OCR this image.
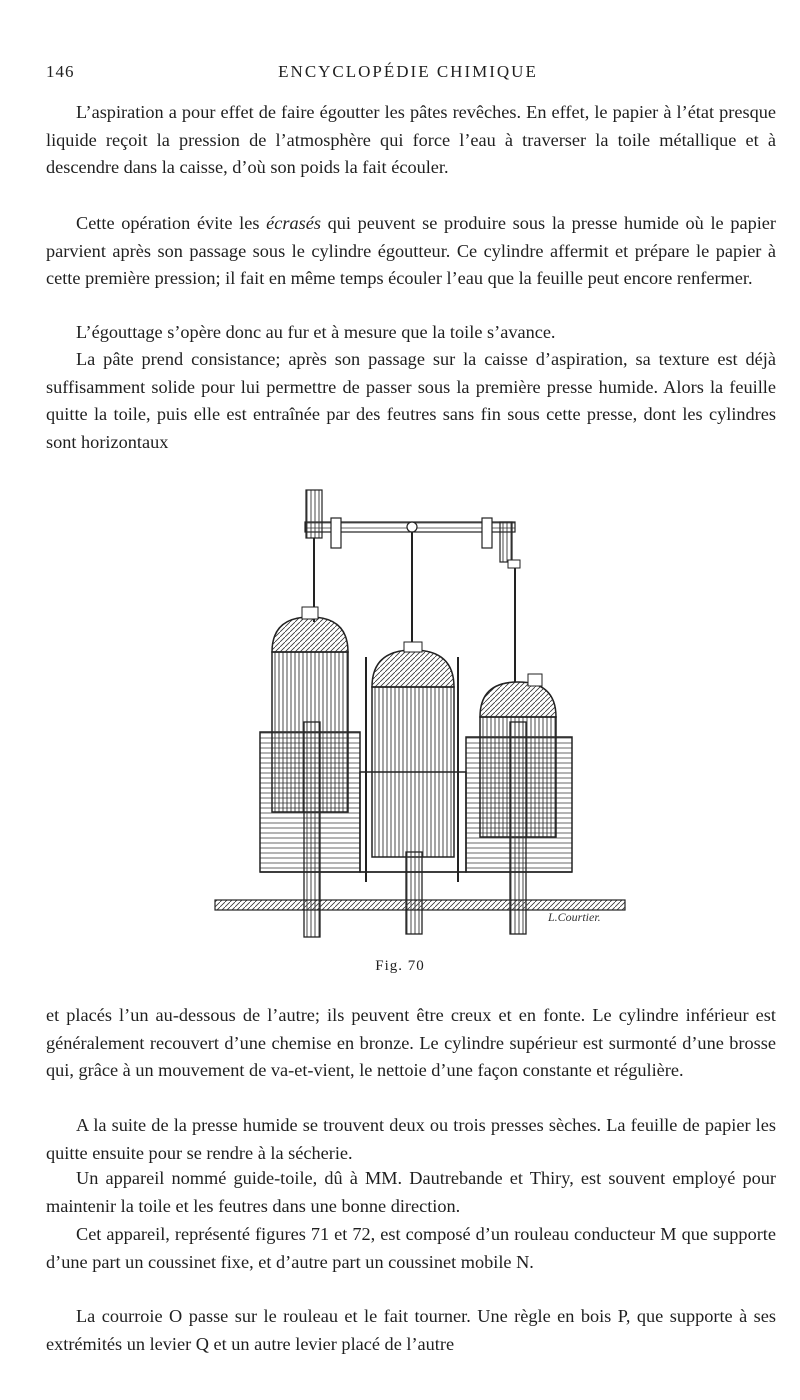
146	ENCYCLOPÉDIE CHIMIQUE

L’aspiration a pour effet de faire égoutter les pâtes revêches. En effet, le papier à l’état presque liquide reçoit la pression de l’atmosphère qui force l’eau à traverser la toile métallique et à descendre dans la caisse, d’où son poids la fait écouler.

Cette opération évite les écrasés qui peuvent se produire sous la presse humide où le papier parvient après son passage sous le cylindre égoutteur. Ce cylindre affermit et prépare le papier à cette première pression; il fait en même temps écouler l’eau que la feuille peut encore renfermer.

L’égouttage s’opère donc au fur et à mesure que la toile s’avance.

La pâte prend consistance; après son passage sur la caisse d’aspiration, sa texture est déjà suffisamment solide pour lui permettre de passer sous la première presse humide. Alors la feuille quitte la toile, puis elle est entraînée par des feutres sans fin sous cette presse, dont les cylindres sont horizontaux

L.Courtier.
Fig. 70

et placés l’un au-dessous de l’autre; ils peuvent être creux et en fonte. Le cylindre inférieur est généralement recouvert d’une chemise en bronze. Le cylindre supérieur est surmonté d’une brosse qui, grâce à un mouvement de va-et-vient, le nettoie d’une façon constante et régulière.

A la suite de la presse humide se trouvent deux ou trois presses sèches. La feuille de papier les quitte ensuite pour se rendre à la sécherie.

Un appareil nommé guide-toile, dû à MM. Dautrebande et Thiry, est souvent employé pour maintenir la toile et les feutres dans une bonne direction.

Cet appareil, représenté figures 71 et 72, est composé d’un rouleau conducteur M que supporte d’une part un coussinet fixe, et d’autre part un coussinet mobile N.

La courroie O passe sur le rouleau et le fait tourner. Une règle en bois P, que supporte à ses extrémités un levier Q et un autre levier placé de l’autre
